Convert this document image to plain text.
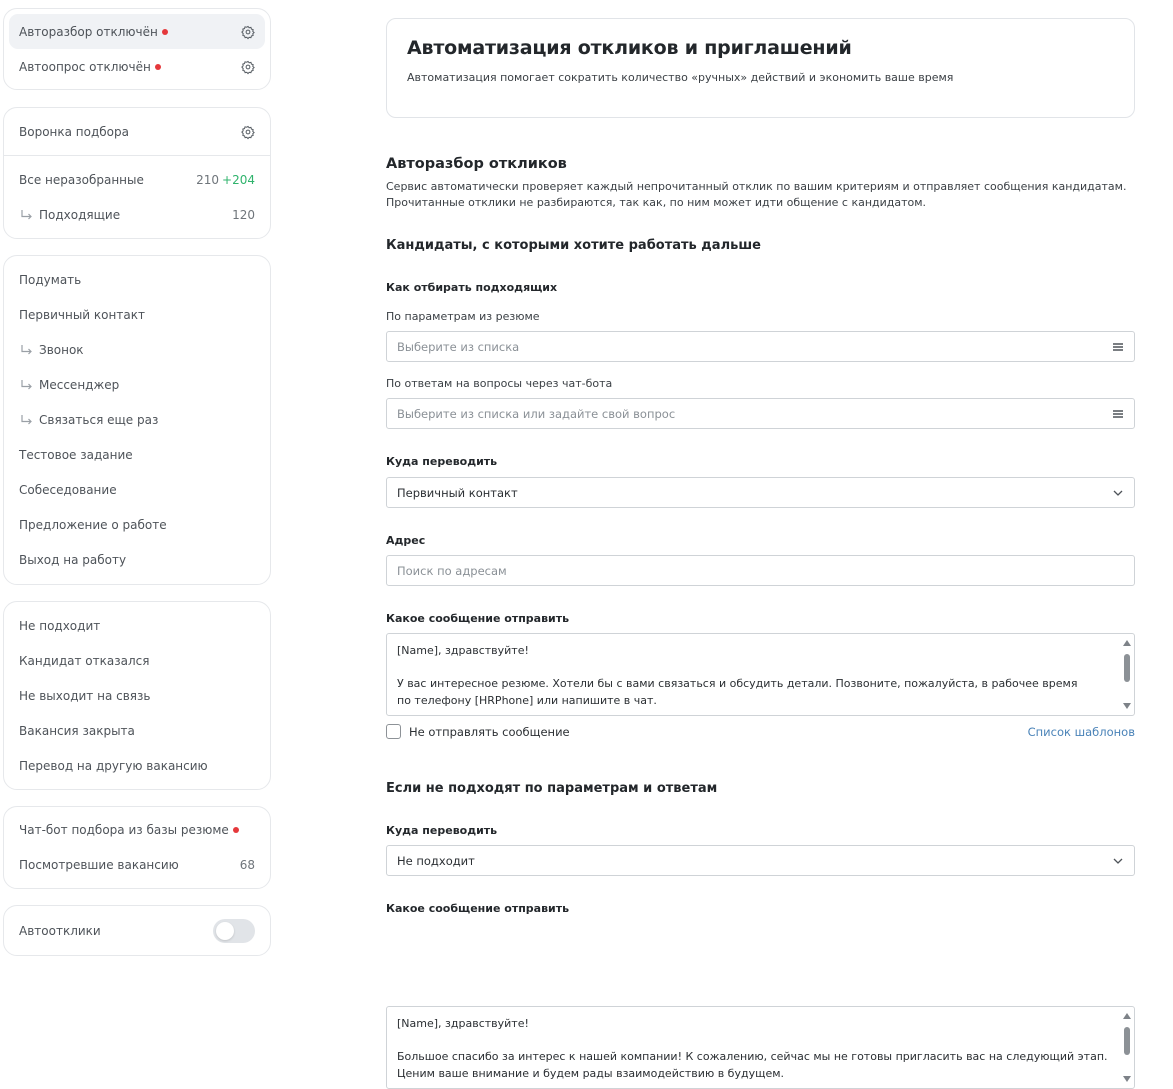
Авторазбор отключён
Автоопрос отключён
Воронка подбора
Все неразобранные	210 +204
Подходящие	120
Подумать
Первичный контакт
Звонок
Мессенджер
Связаться еще раз
Тестовое задание
Собеседование
Предложение о работе
Выход на работу
Не подходит
Кандидат отказался
Не выходит на связь
Вакансия закрыта
Перевод на другую вакансию
Чат-бот подбора из базы резюме
Посмотревшие вакансию	68
Автоотклики
Автоматизация откликов и приглашений

Автоматизация помогает сократить количество «ручных» действий и экономить ваше время

Авторазбор откликов
Сервис автоматически проверяет каждый непрочитанный отклик по вашим критериям и отправляет сообщения кандидатам.
Прочитанные отклики не разбираются, так как, по ним может идти общение с кандидатом.
Кандидаты, с которыми хотите работать дальше
Как отбирать подходящих
По параметрам из резюме
Выберите из списка
По ответам на вопросы через чат-бота
Выберите из списка или задайте свой вопрос
Куда переводить
Первичный контакт
Адрес
Поиск по адресам
Какое сообщение отправить

[Name], здравствуйте!

У вас интересное резюме. Хотели бы с вами связаться и обсудить детали. Позвоните, пожалуйста, в рабочее время
по телефону [HRPhone] или напишите в чат.

Не отправлять сообщение	Список шаблонов
Если не подходят по параметрам и ответам
Куда переводить
Не подходит
Какое сообщение отправить

[Name], здравствуйте!

Большое спасибо за интерес к нашей компании! К сожалению, сейчас мы не готовы пригласить вас на следующий этап.
Ценим ваше внимание и будем рады взаимодействию в будущем.
